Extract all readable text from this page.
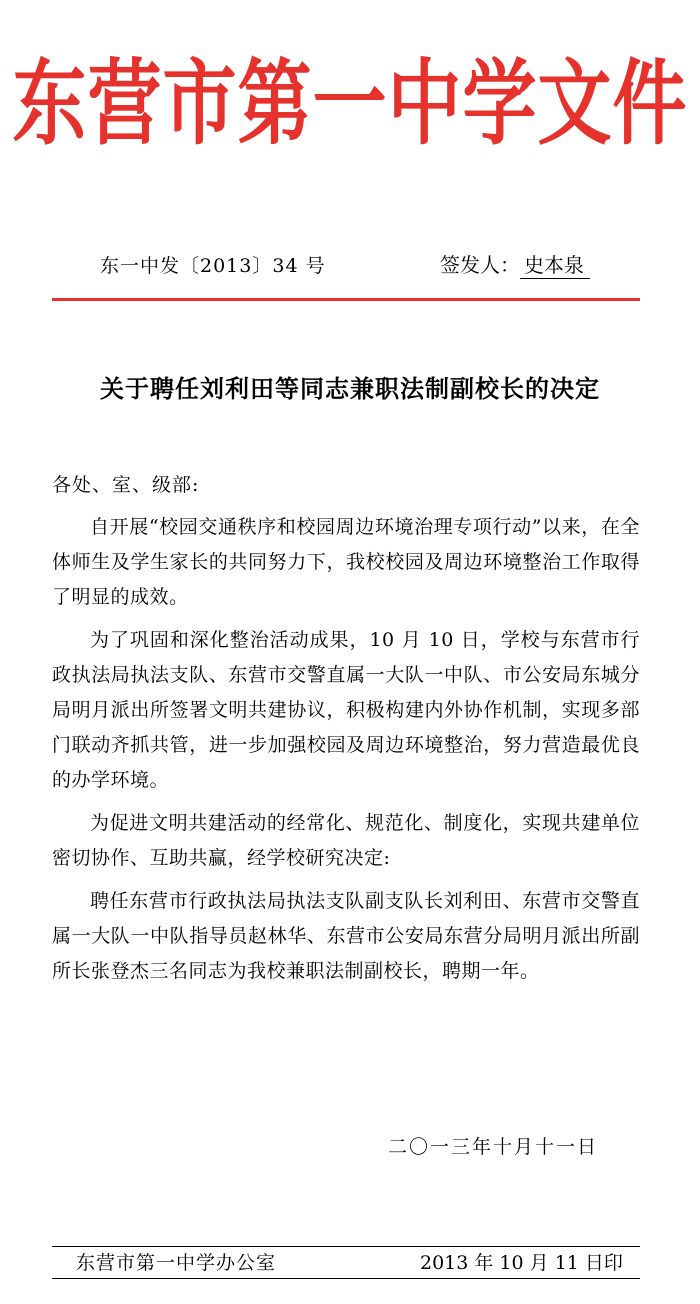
东营市第一中学文件
东一中发〔2013〕34 号	签发人： 史本泉
关于聘任刘利田等同志兼职法制副校长的决定
各处、室、级部:

自开展“校园交通秩序和校园周边环境治理专项行动”以来，在全体师生及学生家长的共同努力下，我校校园及周边环境整治工作取得了明显的成效。

为了巩固和深化整治活动成果，10 月 10 日，学校与东营市行政执法局执法支队、东营市交警直属一大队一中队、市公安局东城分局明月派出所签署文明共建协议，积极构建内外协作机制，实现多部门联动齐抓共管，进一步加强校园及周边环境整治，努力营造最优良的办学环境。

为促进文明共建活动的经常化、规范化、制度化，实现共建单位密切协作、互助共赢，经学校研究决定:

聘任东营市行政执法局执法支队副支队长刘利田、东营市交警直属一大队一中队指导员赵林华、东营市公安局东营分局明月派出所副所长张登杰三名同志为我校兼职法制副校长，聘期一年。

二〇一三年十月十一日
东营市第一中学办公室	2013 年 10 月 11 日印
